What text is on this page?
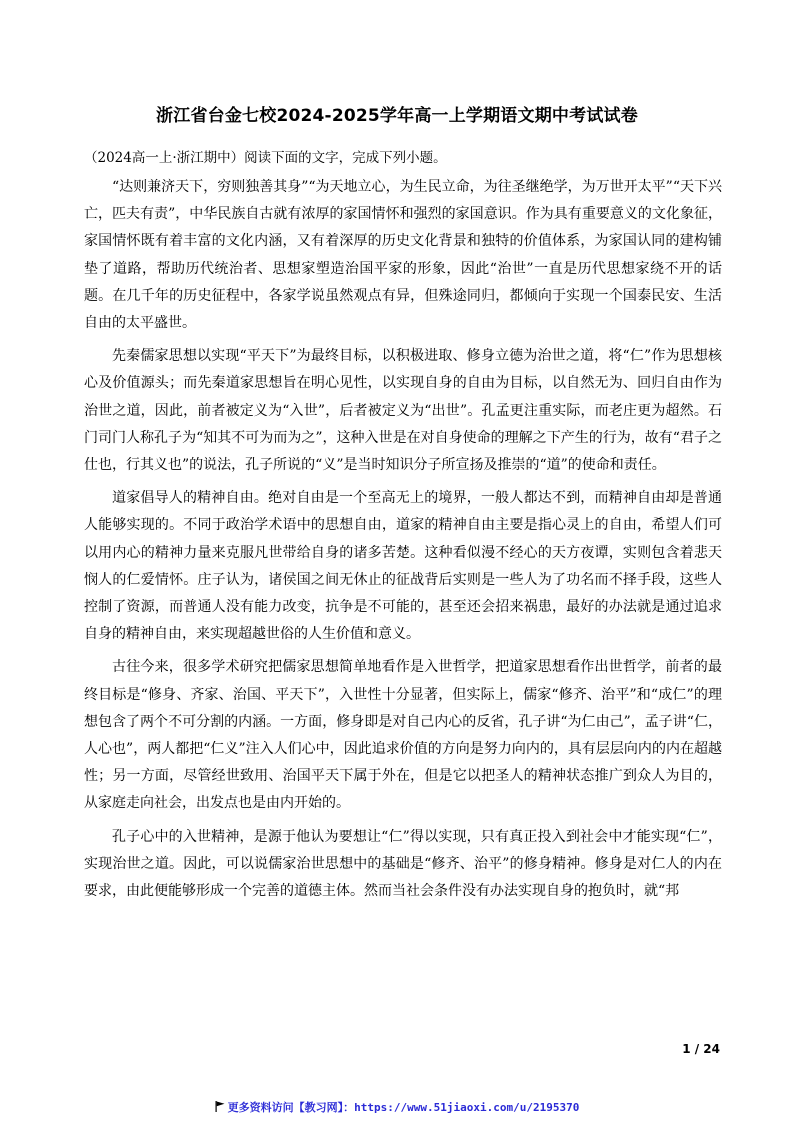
浙江省台金七校2024-2025学年高一上学期语文期中考试试卷
（2024高一上·浙江期中）阅读下面的文字，完成下列小题。

“达则兼济天下，穷则独善其身”“为天地立心，为生民立命，为往圣继绝学，为万世开太平”“天下兴亡，匹夫有责”，中华民族自古就有浓厚的家国情怀和强烈的家国意识。作为具有重要意义的文化象征，家国情怀既有着丰富的文化内涵，又有着深厚的历史文化背景和独特的价值体系，为家国认同的建构铺垫了道路，帮助历代统治者、思想家塑造治国平家的形象，因此“治世”一直是历代思想家绕不开的话题。在几千年的历史征程中，各家学说虽然观点有异，但殊途同归，都倾向于实现一个国泰民安、生活自由的太平盛世。

先秦儒家思想以实现“平天下”为最终目标，以积极进取、修身立德为治世之道，将“仁”作为思想核心及价值源头；而先秦道家思想旨在明心见性，以实现自身的自由为目标，以自然无为、回归自由作为治世之道，因此，前者被定义为“入世”，后者被定义为“出世”。孔孟更注重实际，而老庄更为超然。石门司门人称孔子为“知其不可为而为之”，这种入世是在对自身使命的理解之下产生的行为，故有“君子之仕也，行其义也”的说法，孔子所说的“义”是当时知识分子所宣扬及推崇的“道”的使命和责任。

道家倡导人的精神自由。绝对自由是一个至高无上的境界，一般人都达不到，而精神自由却是普通人能够实现的。不同于政治学术语中的思想自由，道家的精神自由主要是指心灵上的自由，希望人们可以用内心的精神力量来克服凡世带给自身的诸多苦楚。这种看似漫不经心的天方夜谭，实则包含着悲天悯人的仁爱情怀。庄子认为，诸侯国之间无休止的征战背后实则是一些人为了功名而不择手段，这些人控制了资源，而普通人没有能力改变，抗争是不可能的，甚至还会招来祸患，最好的办法就是通过追求自身的精神自由，来实现超越世俗的人生价值和意义。

古往今来，很多学术研究把儒家思想简单地看作是入世哲学，把道家思想看作出世哲学，前者的最终目标是“修身、齐家、治国、平天下”，入世性十分显著，但实际上，儒家“修齐、治平”和“成仁”的理想包含了两个不可分割的内涵。一方面，修身即是对自己内心的反省，孔子讲“为仁由己”，孟子讲“仁，人心也”，两人都把“仁义”注入人们心中，因此追求价值的方向是努力向内的，具有层层向内的内在超越性；另一方面，尽管经世致用、治国平天下属于外在，但是它以把圣人的精神状态推广到众人为目的，从家庭走向社会，出发点也是由内开始的。

孔子心中的入世精神，是源于他认为要想让“仁”得以实现，只有真正投入到社会中才能实现“仁”，实现治世之道。因此，可以说儒家治世思想中的基础是“修齐、治平”的修身精神。修身是对仁人的内在要求，由此便能够形成一个完善的道德主体。然而当社会条件没有办法实现自身的抱负时，就“邦

1 / 24
更多资料访问【教习网】：https://www.51jiaoxi.com/u/2195370
